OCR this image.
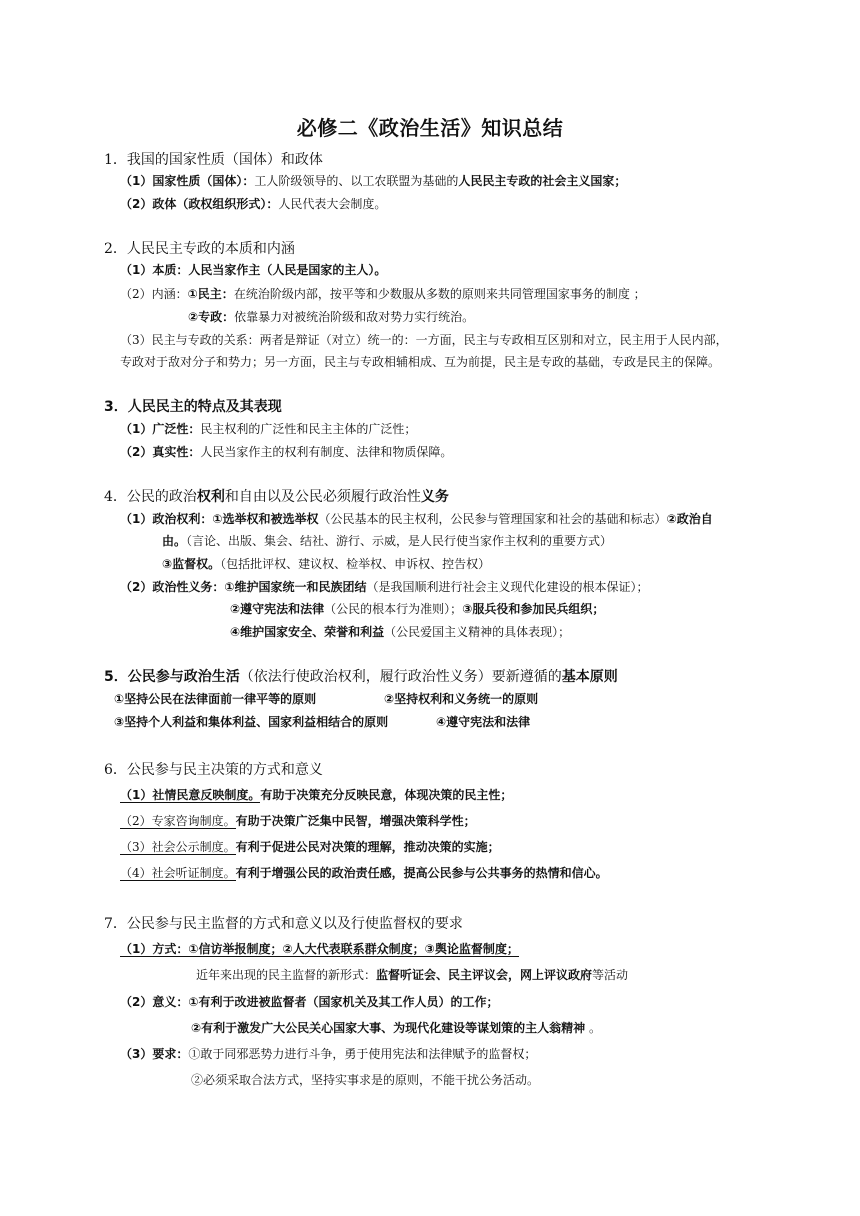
必修二《政治生活》知识总结
1．我国的国家性质（国体）和政体
（1）国家性质（国体）：工人阶级领导的、以工农联盟为基础的人民民主专政的社会主义国家；
（2）政体（政权组织形式）：人民代表大会制度。
2．人民民主专政的本质和内涵
（1）本质：人民当家作主（人民是国家的主人）。
（2）内涵：①民主：在统治阶级内部，按平等和少数服从多数的原则来共同管理国家事务的制度 ；
②专政：依靠暴力对被统治阶级和敌对势力实行统治。
（3）民主与专政的关系：两者是辩证（对立）统一的：一方面，民主与专政相互区别和对立，民主用于人民内部，
专政对于敌对分子和势力；另一方面，民主与专政相辅相成、互为前提，民主是专政的基础，专政是民主的保障。
3．人民民主的特点及其表现
（1）广泛性：民主权利的广泛性和民主主体的广泛性；
（2）真实性：人民当家作主的权利有制度、法律和物质保障。
4．公民的政治权利和自由以及公民必须履行政治性义务
（1）政治权利：①选举权和被选举权（公民基本的民主权利，公民参与管理国家和社会的基础和标志）②政治自
由。（言论、出版、集会、结社、游行、示威，是人民行使当家作主权利的重要方式）
③监督权。（包括批评权、建议权、检举权、申诉权、控告权）
（2）政治性义务：①维护国家统一和民族团结（是我国顺利进行社会主义现代化建设的根本保证）；
②遵守宪法和法律（公民的根本行为准则）；③服兵役和参加民兵组织；
④维护国家安全、荣誉和利益（公民爱国主义精神的具体表现）；
5．公民参与政治生活（依法行使政治权利，履行政治性义务）要新遵循的基本原则
①坚持公民在法律面前一律平等的原则	②坚持权利和义务统一的原则
③坚持个人利益和集体利益、国家利益相结合的原则	④遵守宪法和法律
6．公民参与民主决策的方式和意义
（1）社情民意反映制度。有助于决策充分反映民意，体现决策的民主性；
（2）专家咨询制度。有助于决策广泛集中民智，增强决策科学性；
（3）社会公示制度。有利于促进公民对决策的理解，推动决策的实施；
（4）社会听证制度。有利于增强公民的政治责任感，提高公民参与公共事务的热情和信心。
7．公民参与民主监督的方式和意义以及行使监督权的要求
（1）方式：①信访举报制度；②人大代表联系群众制度；③舆论监督制度；
近年来出现的民主监督的新形式：监督听证会、民主评议会，网上评议政府等活动
（2）意义：①有利于改进被监督者（国家机关及其工作人员）的工作；
②有利于激发广大公民关心国家大事、为现代化建设等谋划策的主人翁精神 。
（3）要求：①敢于同邪恶势力进行斗争，勇于使用宪法和法律赋予的监督权；
②必须采取合法方式，坚持实事求是的原则，不能干扰公务活动。
